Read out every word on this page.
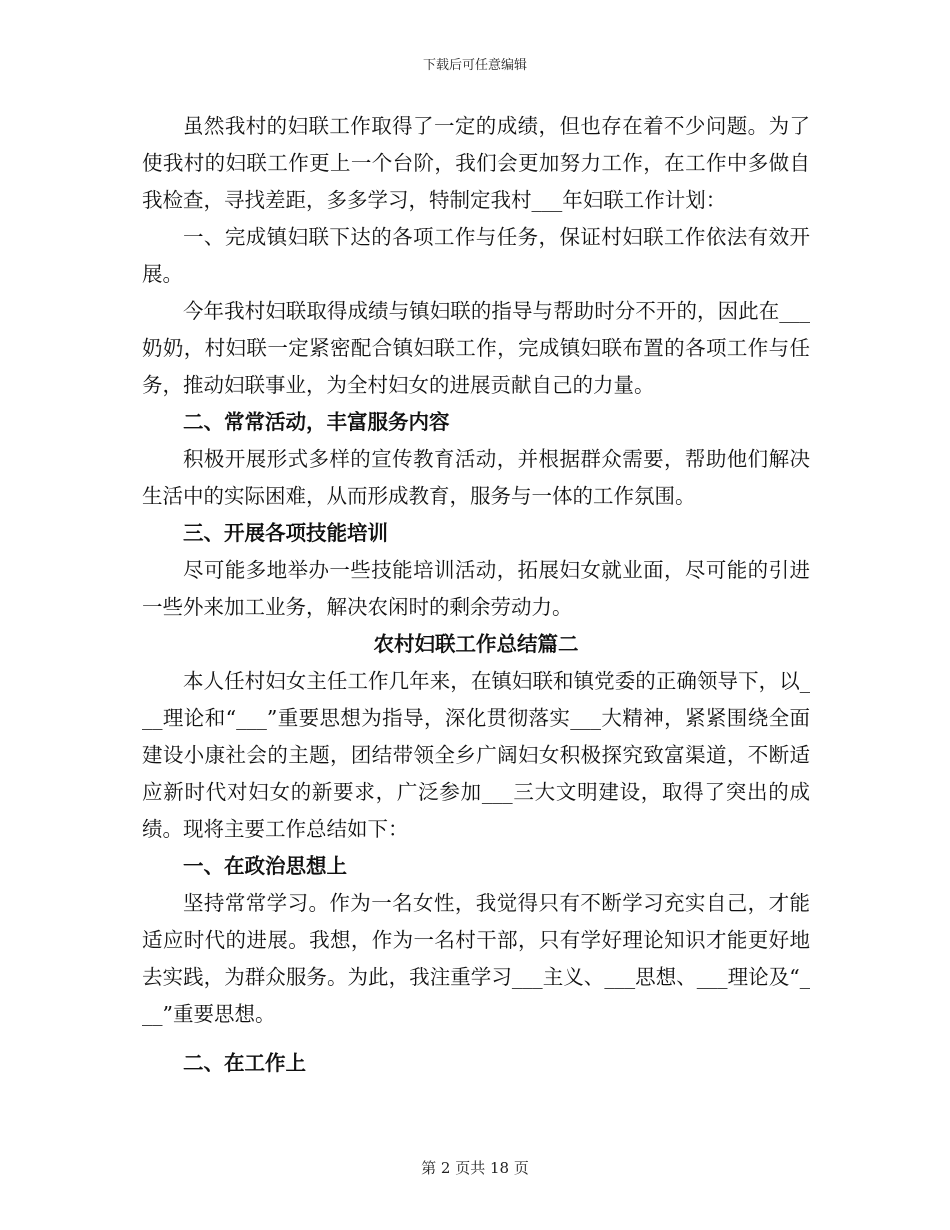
下载后可任意编辑

虽然我村的妇联工作取得了一定的成绩，但也存在着不少问题。为了使我村的妇联工作更上一个台阶，我们会更加努力工作，在工作中多做自我检查，寻找差距，多多学习，特制定我村___年妇联工作计划：

一、完成镇妇联下达的各项工作与任务，保证村妇联工作依法有效开展。

今年我村妇联取得成绩与镇妇联的指导与帮助时分不开的，因此在___奶奶，村妇联一定紧密配合镇妇联工作，完成镇妇联布置的各项工作与任务，推动妇联事业，为全村妇女的进展贡献自己的力量。

二、常常活动，丰富服务内容

积极开展形式多样的宣传教育活动，并根据群众需要，帮助他们解决生活中的实际困难，从而形成教育，服务与一体的工作氛围。

三、开展各项技能培训

尽可能多地举办一些技能培训活动，拓展妇女就业面，尽可能的引进一些外来加工业务，解决农闲时的剩余劳动力。

农村妇联工作总结篇二

本人任村妇女主任工作几年来，在镇妇联和镇党委的正确领导下，以___理论和“___”重要思想为指导，深化贯彻落实___大精神，紧紧围绕全面建设小康社会的主题，团结带领全乡广阔妇女积极探究致富渠道，不断适应新时代对妇女的新要求，广泛参加___三大文明建设，取得了突出的成绩。现将主要工作总结如下：

一、在政治思想上

坚持常常学习。作为一名女性，我觉得只有不断学习充实自己，才能适应时代的进展。我想，作为一名村干部，只有学好理论知识才能更好地去实践，为群众服务。为此，我注重学习___主义、___思想、___理论及“___”重要思想。

二、在工作上
第 2 页共 18 页
